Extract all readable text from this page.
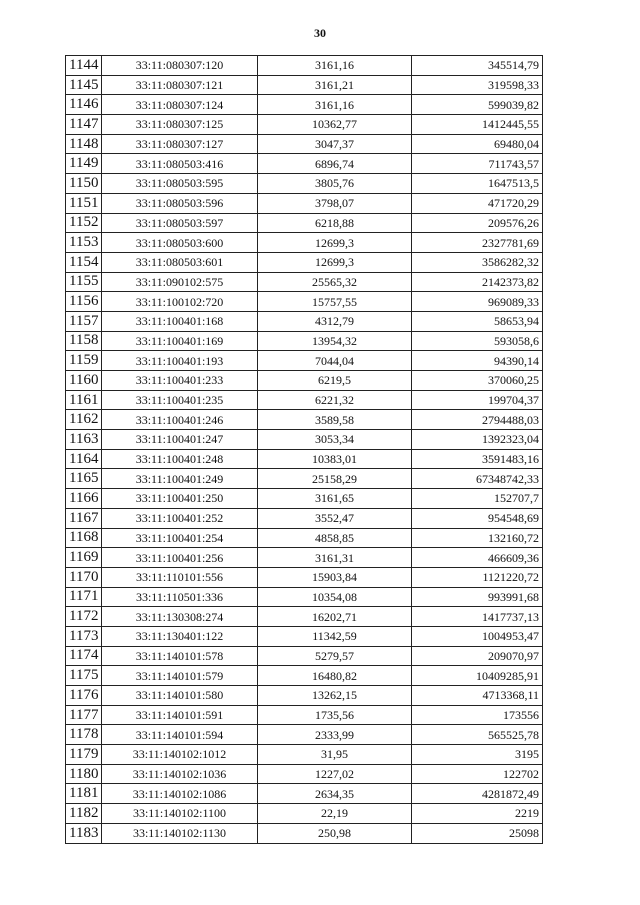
30
1144	33:11:080307:120	3161,16	345514,79
1145	33:11:080307:121	3161,21	319598,33
1146	33:11:080307:124	3161,16	599039,82
1147	33:11:080307:125	10362,77	1412445,55
1148	33:11:080307:127	3047,37	69480,04
1149	33:11:080503:416	6896,74	711743,57
1150	33:11:080503:595	3805,76	1647513,5
1151	33:11:080503:596	3798,07	471720,29
1152	33:11:080503:597	6218,88	209576,26
1153	33:11:080503:600	12699,3	2327781,69
1154	33:11:080503:601	12699,3	3586282,32
1155	33:11:090102:575	25565,32	2142373,82
1156	33:11:100102:720	15757,55	969089,33
1157	33:11:100401:168	4312,79	58653,94
1158	33:11:100401:169	13954,32	593058,6
1159	33:11:100401:193	7044,04	94390,14
1160	33:11:100401:233	6219,5	370060,25
1161	33:11:100401:235	6221,32	199704,37
1162	33:11:100401:246	3589,58	2794488,03
1163	33:11:100401:247	3053,34	1392323,04
1164	33:11:100401:248	10383,01	3591483,16
1165	33:11:100401:249	25158,29	67348742,33
1166	33:11:100401:250	3161,65	152707,7
1167	33:11:100401:252	3552,47	954548,69
1168	33:11:100401:254	4858,85	132160,72
1169	33:11:100401:256	3161,31	466609,36
1170	33:11:110101:556	15903,84	1121220,72
1171	33:11:110501:336	10354,08	993991,68
1172	33:11:130308:274	16202,71	1417737,13
1173	33:11:130401:122	11342,59	1004953,47
1174	33:11:140101:578	5279,57	209070,97
1175	33:11:140101:579	16480,82	10409285,91
1176	33:11:140101:580	13262,15	4713368,11
1177	33:11:140101:591	1735,56	173556
1178	33:11:140101:594	2333,99	565525,78
1179	33:11:140102:1012	31,95	3195
1180	33:11:140102:1036	1227,02	122702
1181	33:11:140102:1086	2634,35	4281872,49
1182	33:11:140102:1100	22,19	2219
1183	33:11:140102:1130	250,98	25098
